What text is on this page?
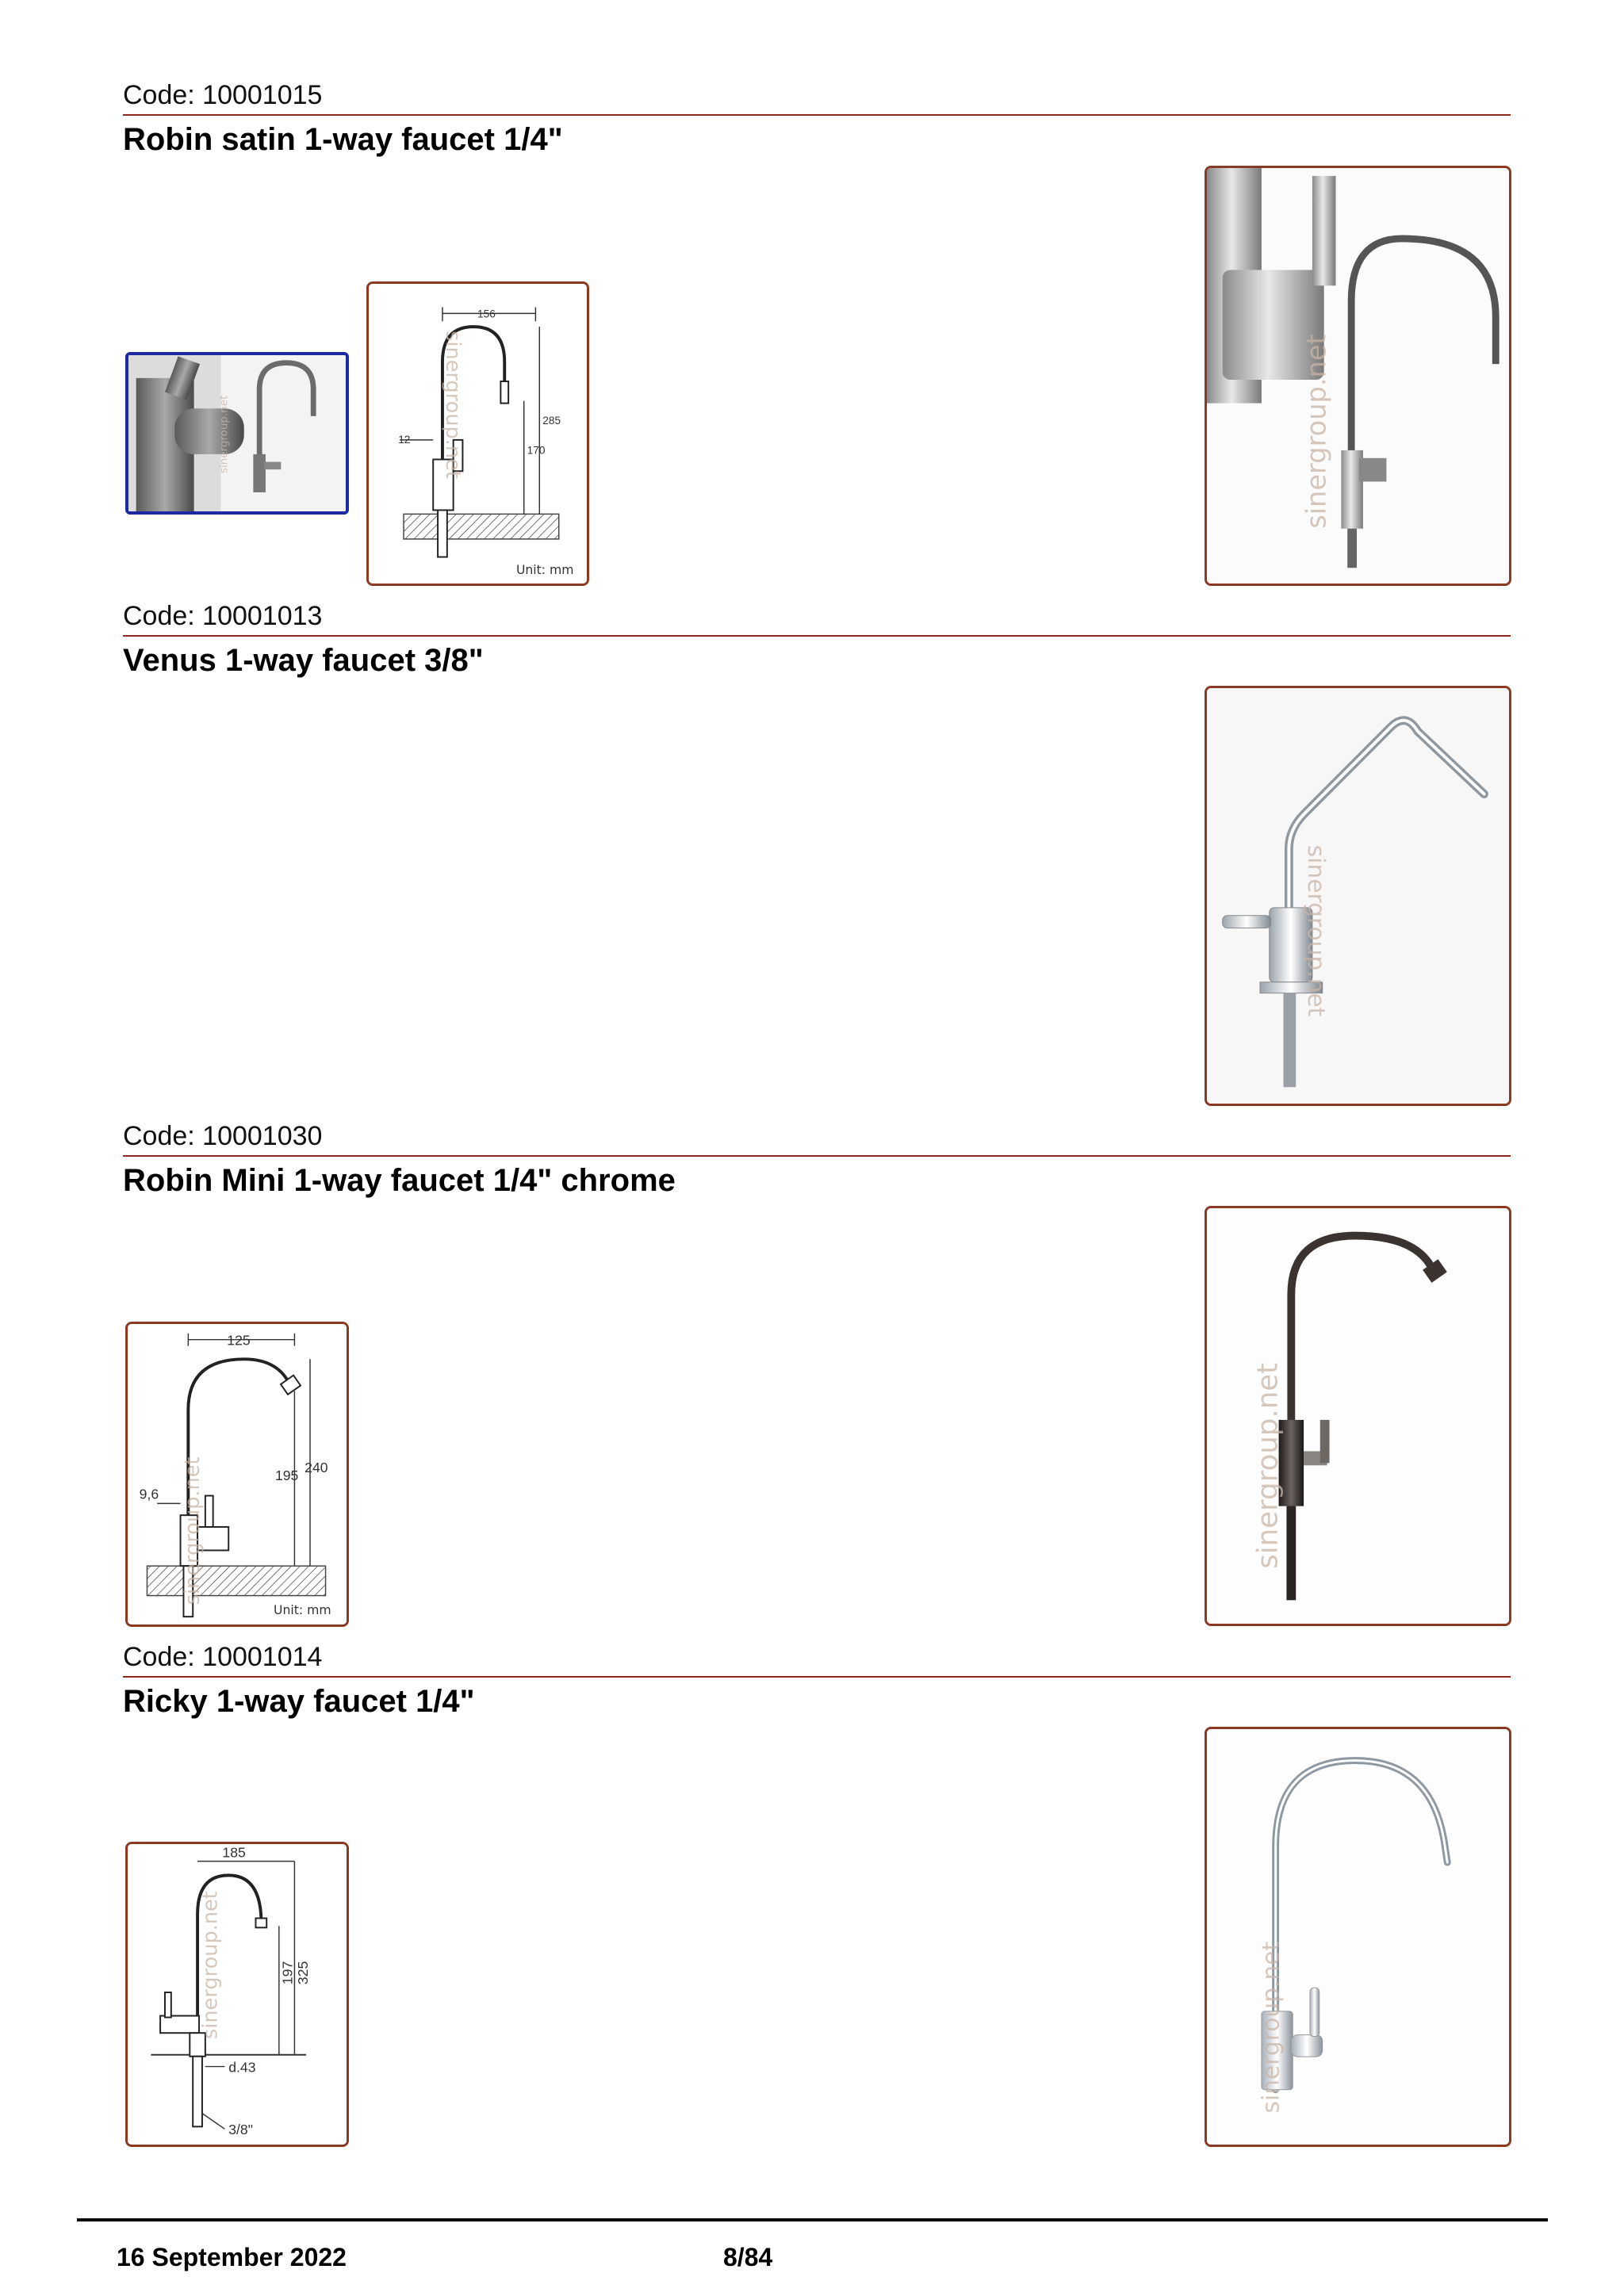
Code: 10001015
Robin satin 1-way faucet 1/4"
sinergroup.net
156
285
170
12
Unit: mm
sinergroup.net	sinergroup.net
Code: 10001013
Venus 1-way faucet 3/8"
sinergroup.net
Code: 10001030
Robin Mini 1-way faucet 1/4" chrome
125
240
195
9,6
Unit: mm
sinergroup.net	sinergroup.net
Code: 10001014
Ricky 1-way faucet 1/4"
185
325
197
d.43
3/8"
sinergroup.net	sinergroup.net
16 September 2022	8/84
